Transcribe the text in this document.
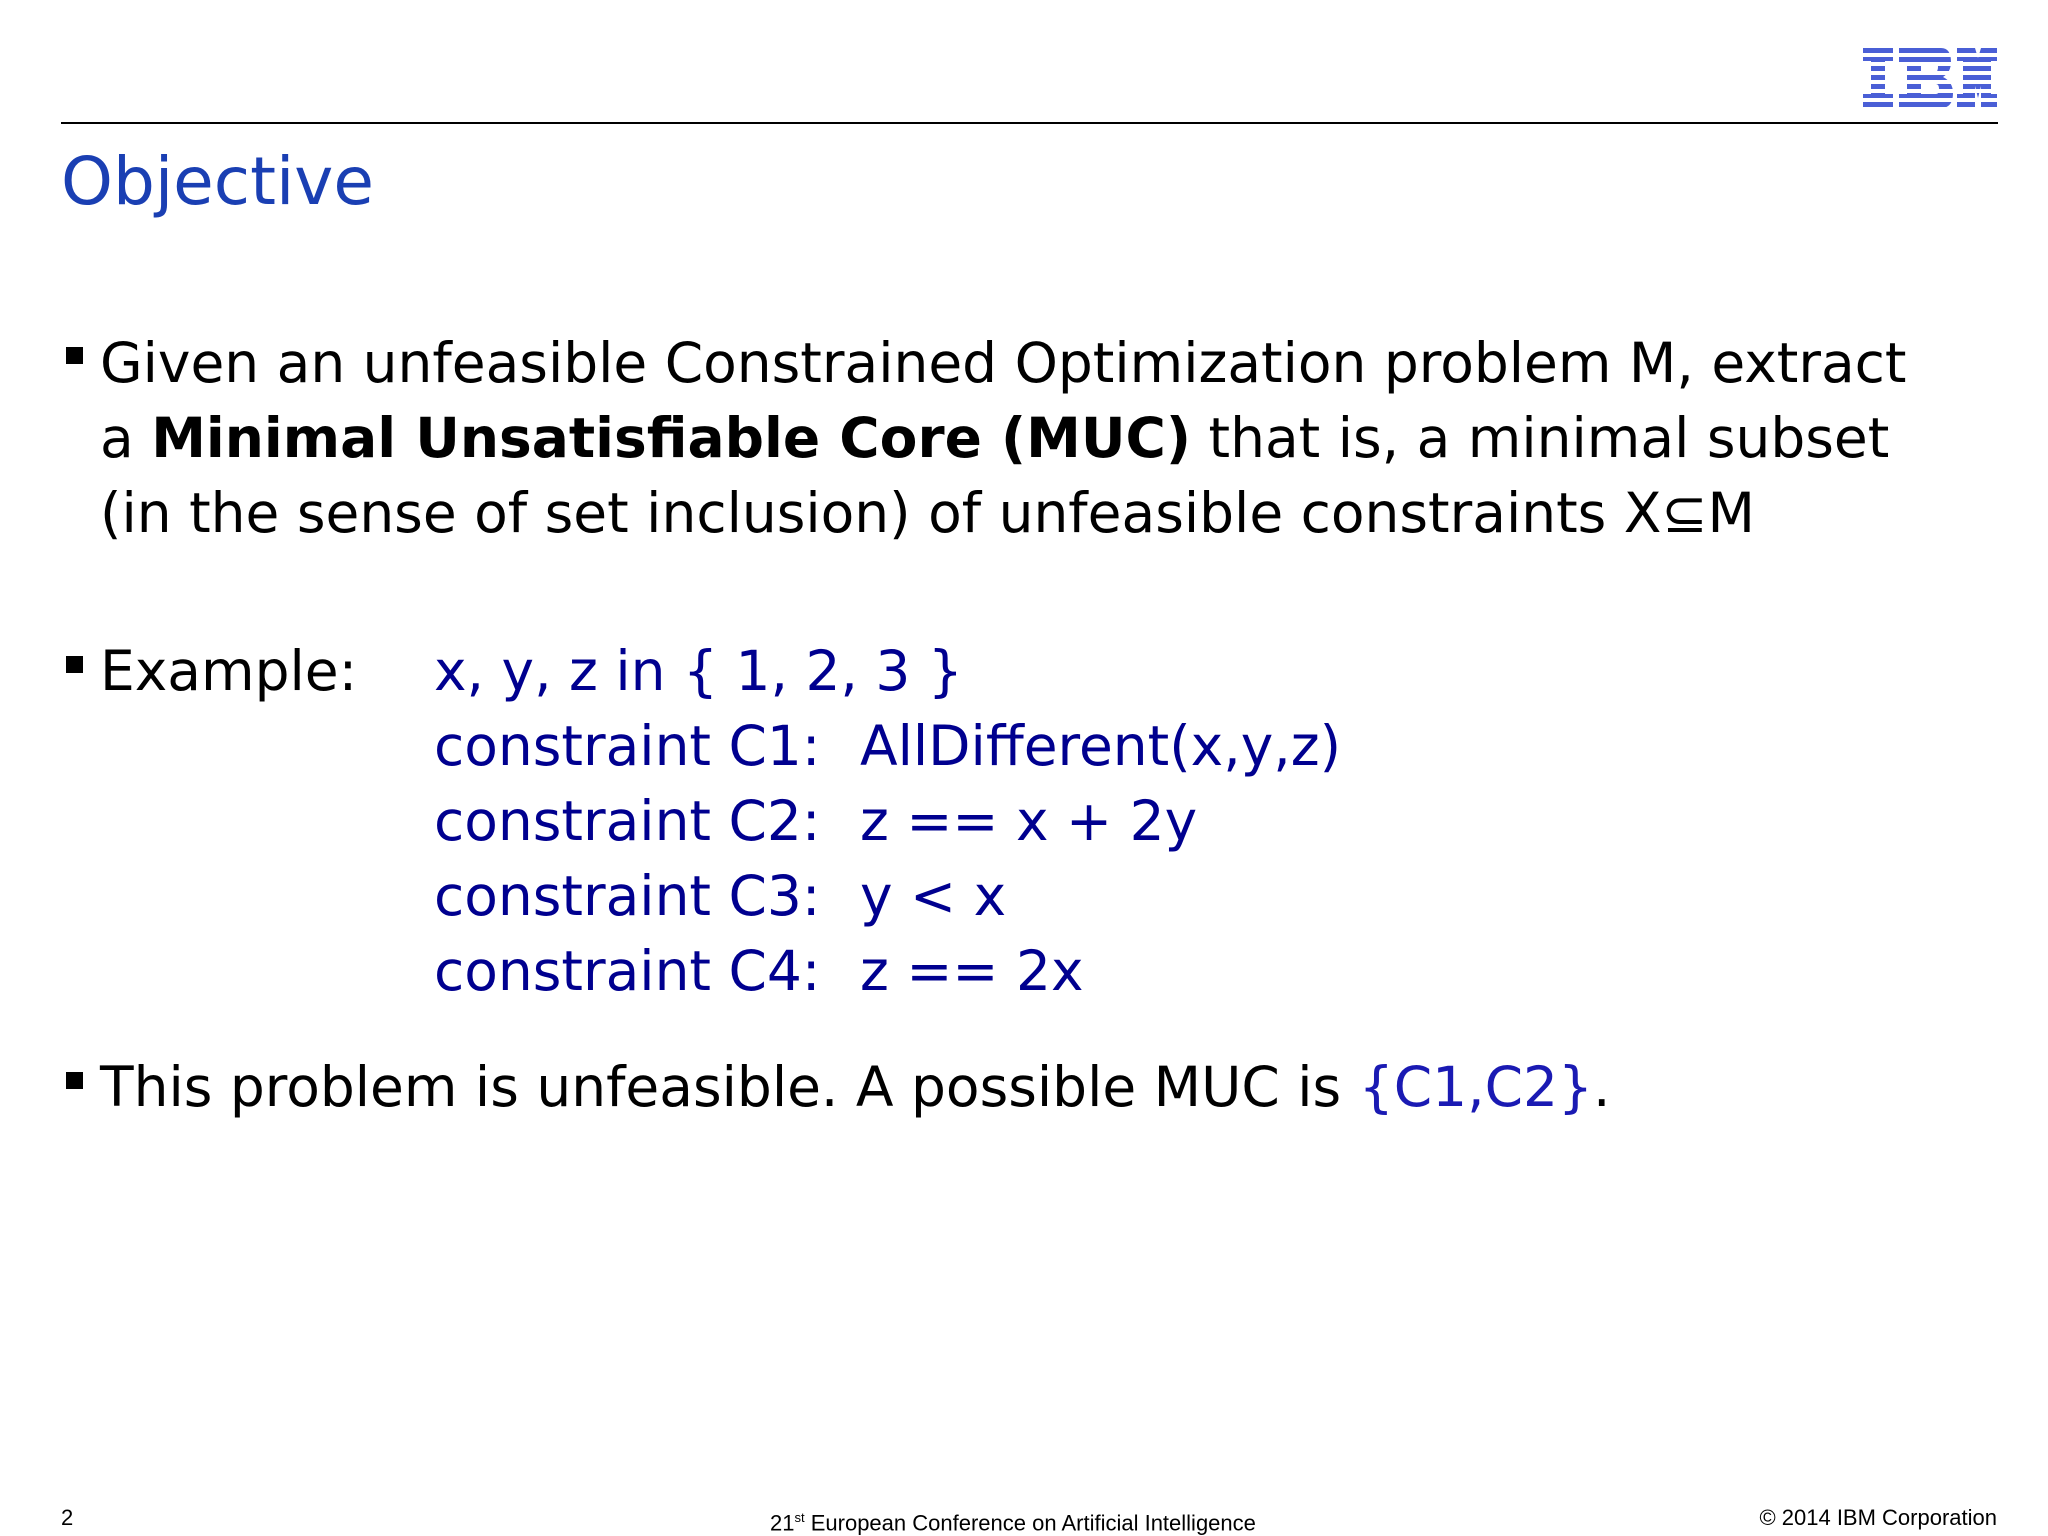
Objective
Given an unfeasible Constrained Optimization problem M, extract
a Minimal Unsatisfiable Core (MUC) that is, a minimal subset
(in the sense of set inclusion) of unfeasible constraints X⊆M
Example: x, y, z in { 1, 2, 3 }
constraint C1: AllDifferent(x,y,z)
constraint C2: z == x + 2y
constraint C3: y < x
constraint C4: z == 2x
This problem is unfeasible. A possible MUC is {C1,C2}.
2	21st European Conference on Artificial Intelligence	© 2014 IBM Corporation
